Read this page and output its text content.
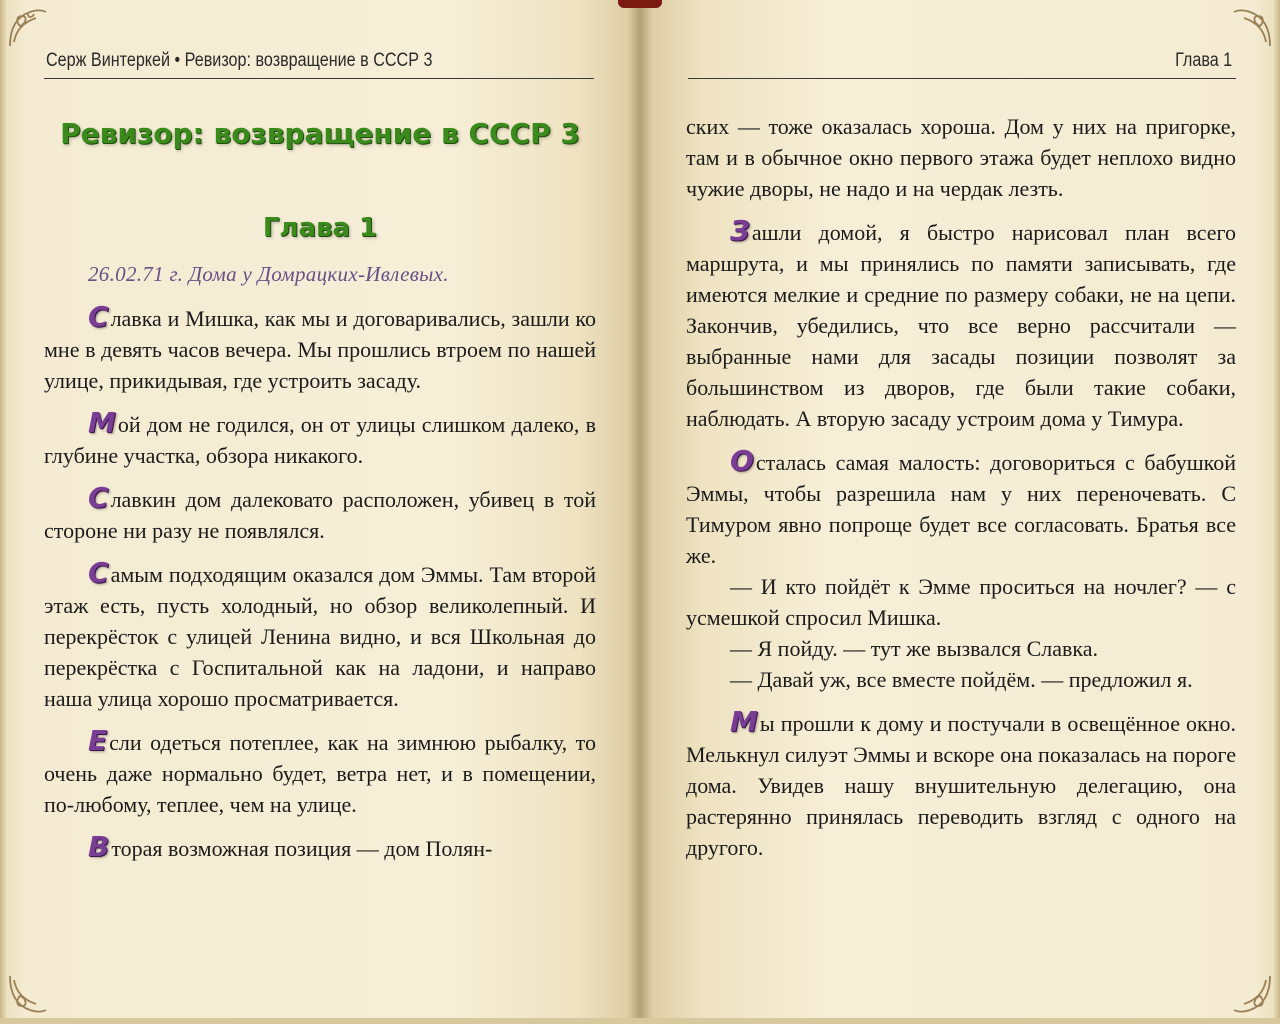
Серж Винтеркей • Ревизор: возвращение в СССР 3	Глава 1
Ревизор: возвращение в СССР 3
Глава 1
26.02.71 г. Дома у Домрацких-Ивлевых.

Славка и Мишка, как мы и договаривались, зашли ко мне в девять часов вечера. Мы прошлись втроем по нашей улице, прикидывая, где устроить засаду.

Мой дом не годился, он от улицы слишком далеко, в глубине участка, обзора никакого.

Славкин дом далековато расположен, убивец в той стороне ни разу не появлялся.

Самым подходящим оказался дом Эммы. Там второй этаж есть, пусть холодный, но обзор великолепный. И перекрёсток с улицей Ленина видно, и вся Школьная до перекрёстка с Госпитальной как на ладони, и направо наша улица хорошо просматривается.

Если одеться потеплее, как на зимнюю рыбалку, то очень даже нормально будет, ветра нет, и в помещении, по-любому, теплее, чем на улице.

Вторая возможная позиция — дом Полян-

ских — тоже оказалась хороша. Дом у них на пригорке, там и в обычное окно первого этажа будет неплохо видно чужие дворы, не надо и на чердак лезть.

Зашли домой, я быстро нарисовал план всего маршрута, и мы принялись по памяти записывать, где имеются мелкие и средние по размеру собаки, не на цепи. Закончив, убедились, что все верно рассчитали — выбранные нами для засады позиции позволят за большинством из дворов, где были такие собаки, наблюдать. А вторую засаду устроим дома у Тимура.

Осталась самая малость: договориться с бабушкой Эммы, чтобы разрешила нам у них переночевать. С Тимуром явно попроще будет все согласовать. Братья все же.

— И кто пойдёт к Эмме проситься на ночлег? — с усмешкой спросил Мишка.

— Я пойду. — тут же вызвался Славка.

— Давай уж, все вместе пойдём. — предложил я.

Мы прошли к дому и постучали в освещённое окно. Мелькнул силуэт Эммы и вскоре она показалась на пороге дома. Увидев нашу внушительную делегацию, она растерянно принялась переводить взгляд с одного на другого.
